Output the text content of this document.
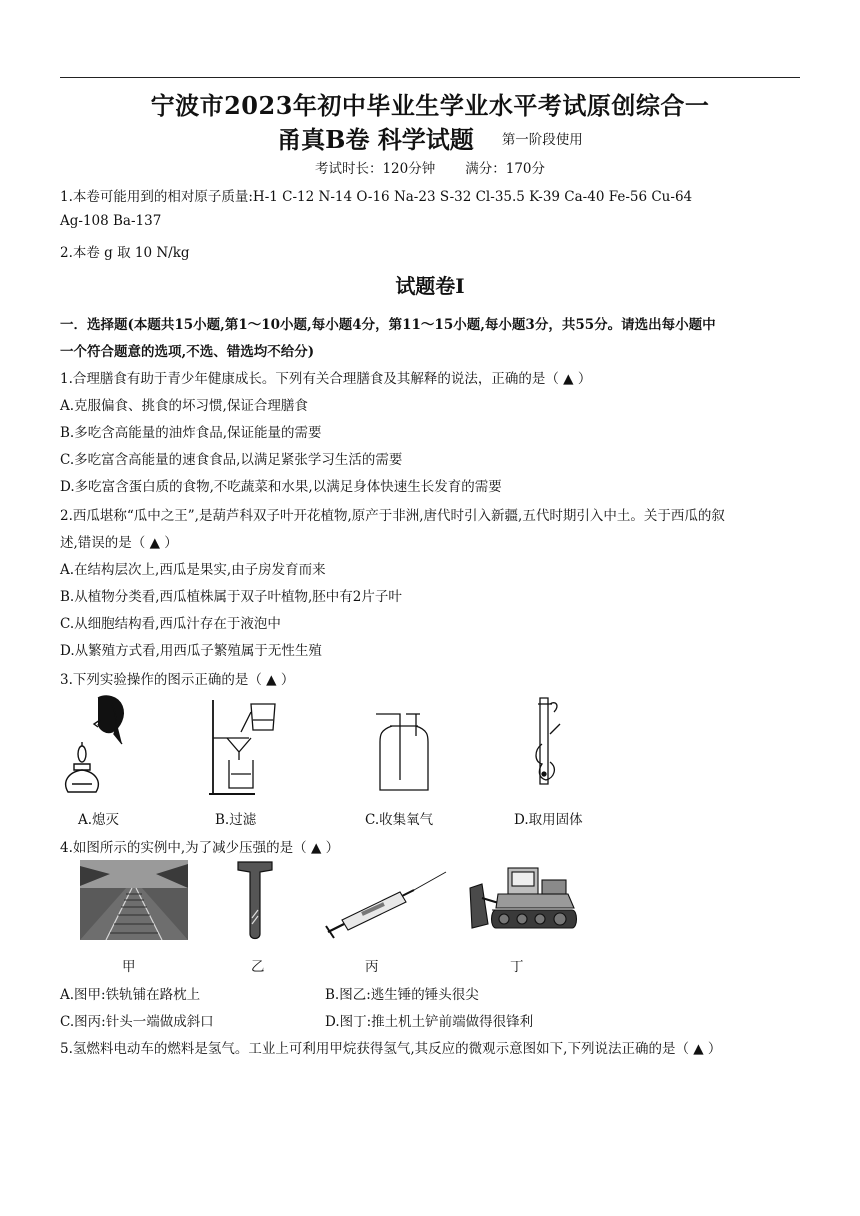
宁波市2023年初中毕业生学业水平考试原创综合一
甬真B卷 科学试题 第一阶段使用
考试时长：120分钟 满分：170分
1.本卷可能用到的相对原子质量:H-1 C-12 N-14 O-16 Na-23 S-32 Cl-35.5 K-39 Ca-40 Fe-56 Cu-64
Ag-108 Ba-137
2.本卷 g 取 10 N/kg
试题卷Ⅰ
一．选择题(本题共15小题,第1～10小题,每小题4分，第11～15小题,每小题3分，共55分。请选出每小题中
一个符合题意的选项,不选、错选均不给分)
1.合理膳食有助于青少年健康成长。下列有关合理膳食及其解释的说法，正确的是（ ▲ ）
A.克服偏食、挑食的坏习惯,保证合理膳食
B.多吃含高能量的油炸食品,保证能量的需要
C.多吃富含高能量的速食食品,以满足紧张学习生活的需要
D.多吃富含蛋白质的食物,不吃蔬菜和水果,以满足身体快速生长发育的需要
2.西瓜堪称“瓜中之王”,是葫芦科双子叶开花植物,原产于非洲,唐代时引入新疆,五代时期引入中土。关于西瓜的叙
述,错误的是（ ▲ ）
A.在结构层次上,西瓜是果实,由子房发育而来
B.从植物分类看,西瓜植株属于双子叶植物,胚中有2片子叶
C.从细胞结构看,西瓜汁存在于液泡中
D.从繁殖方式看,用西瓜子繁殖属于无性生殖
3.下列实验操作的图示正确的是（ ▲ ）
A.熄灭	B.过滤	C.收集氧气	D.取用固体
4.如图所示的实例中,为了减少压强的是（ ▲ ）
甲	乙	丙	丁
A.图甲:铁轨铺在路枕上	B.图乙:逃生锤的锤头很尖
C.图丙:针头一端做成斜口	D.图丁:推土机土铲前端做得很锋利
5.氢燃料电动车的燃料是氢气。工业上可利用甲烷获得氢气,其反应的微观示意图如下,下列说法正确的是（ ▲ ）
